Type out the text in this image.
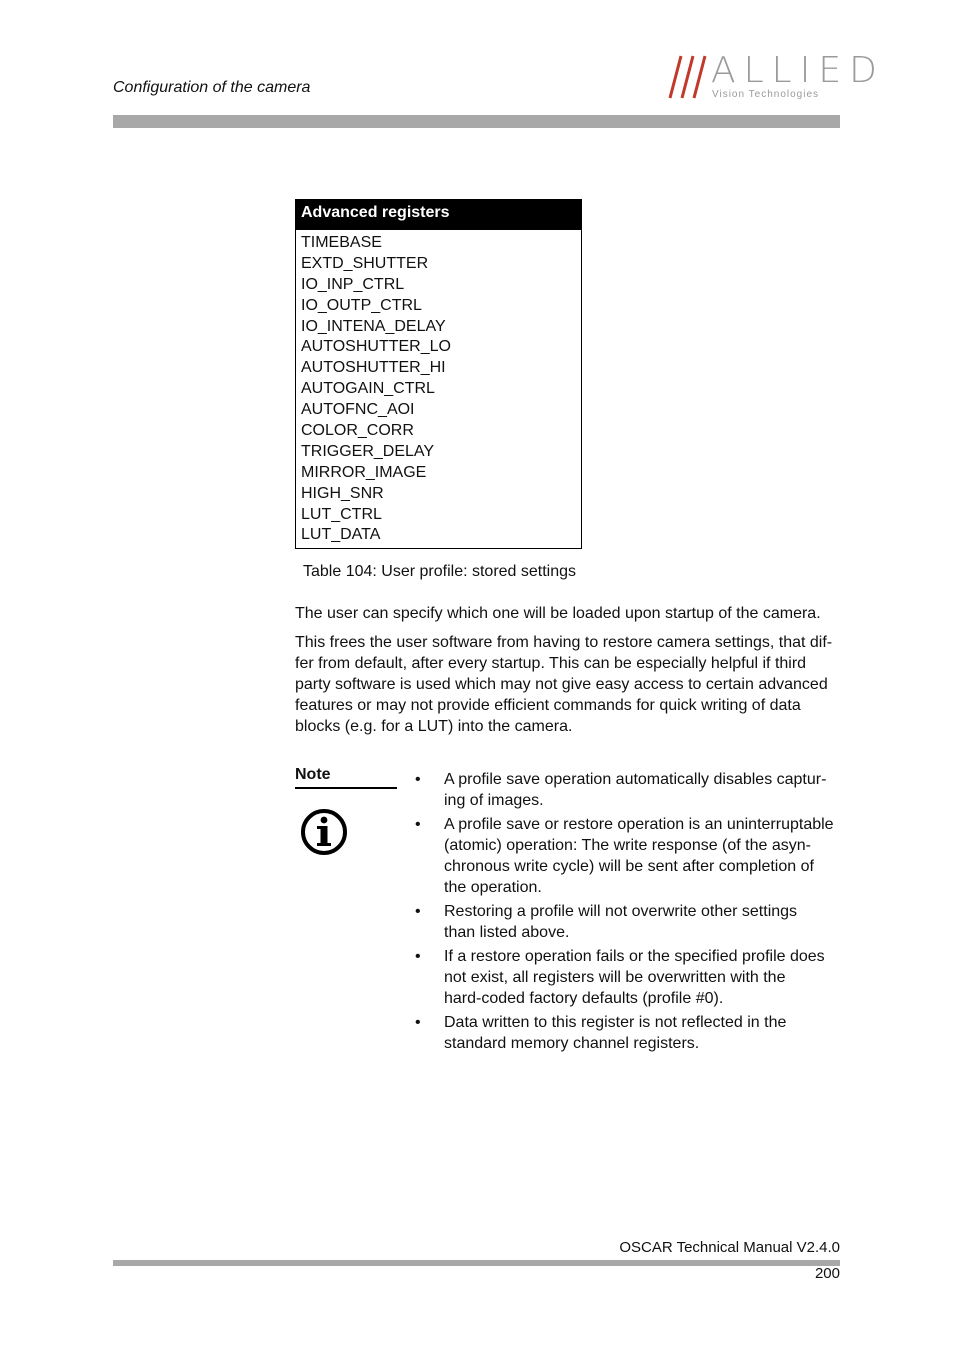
Configuration of the camera	ALLIED
Vision Technologies
Advanced registers
TIMEBASE
EXTD_SHUTTER
IO_INP_CTRL
IO_OUTP_CTRL
IO_INTENA_DELAY
AUTOSHUTTER_LO
AUTOSHUTTER_HI
AUTOGAIN_CTRL
AUTOFNC_AOI
COLOR_CORR
TRIGGER_DELAY
MIRROR_IMAGE
HIGH_SNR
LUT_CTRL
LUT_DATA
Table 104: User profile: stored settings
The user can specify which one will be loaded upon startup of the camera.
This frees the user software from having to restore camera settings, that dif-
fer from default, after every startup. This can be especially helpful if third
party software is used which may not give easy access to certain advanced
features or may not provide efficient commands for quick writing of data
blocks (e.g. for a LUT) into the camera.
Note	• A profile save operation automatically disables captur-
ing of images.
• A profile save or restore operation is an uninterruptable
(atomic) operation: The write response (of the asyn-
chronous write cycle) will be sent after completion of
the operation.
• Restoring a profile will not overwrite other settings
than listed above.
• If a restore operation fails or the specified profile does
not exist, all registers will be overwritten with the
hard-coded factory defaults (profile #0).
• Data written to this register is not reflected in the
standard memory channel registers.
OSCAR Technical Manual V2.4.0
200
